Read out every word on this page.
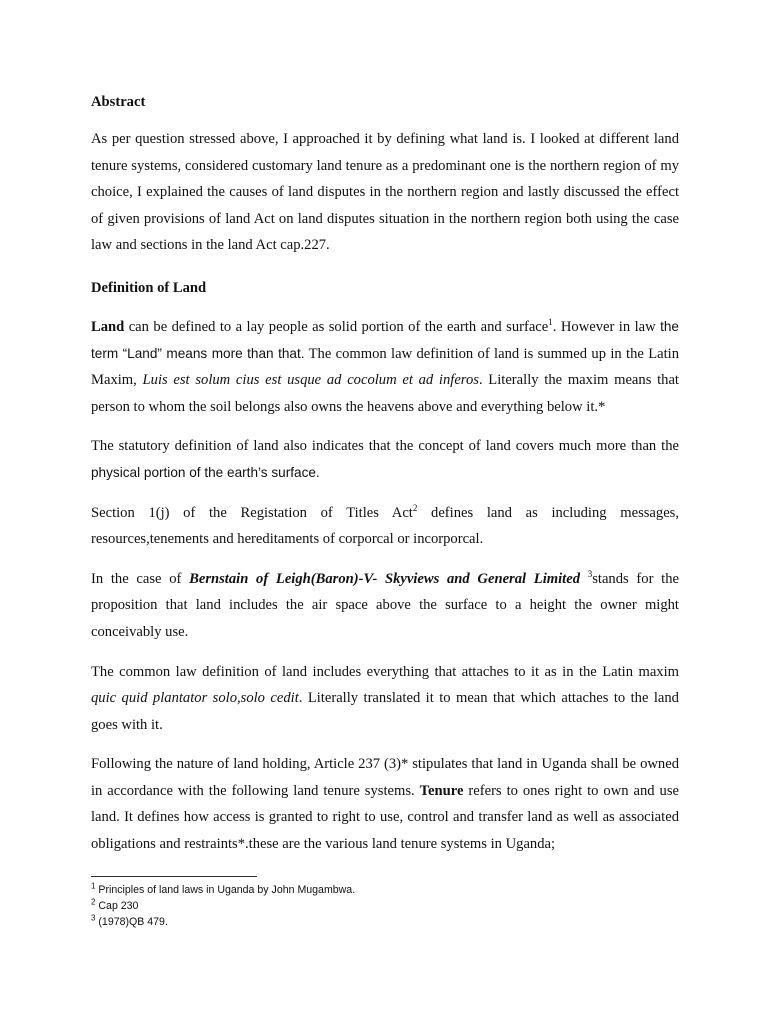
Abstract

As per question stressed above, I approached it by defining what land is. I looked at different land tenure systems, considered customary land tenure as a predominant one is the northern region of my choice, I explained the causes of land disputes in the northern region and lastly discussed the effect of given provisions of land Act on land disputes situation in the northern region both using the case law and sections in the land Act cap.227.

Definition of Land

Land can be defined to a lay people as solid portion of the earth and surface$^1$. However in law the term “Land” means more than that. The common law definition of land is summed up in the Latin Maxim, Luis est solum cius est usque ad cocolum et ad inferos. Literally the maxim means that person to whom the soil belongs also owns the heavens above and everything below it.*

The statutory definition of land also indicates that the concept of land covers much more than the physical portion of the earth’s surface.

Section 1(j) of the Registation of Titles Act$^2$ defines land as including messages, resources,tenements and hereditaments of corporcal or incorporcal.

In the case of Bernstain of Leigh(Baron)-V- Skyviews and General Limited $^3$stands for the proposition that land includes the air space above the surface to a height the owner might conceivably use.

The common law definition of land includes everything that attaches to it as in the Latin maxim quic quid plantator solo,solo cedit. Literally translated it to mean that which attaches to the land goes with it.

Following the nature of land holding, Article 237 (3)* stipulates that land in Uganda shall be owned in accordance with the following land tenure systems. Tenure refers to ones right to own and use land. It defines how access is granted to right to use, control and transfer land as well as associated obligations and restraints*.these are the various land tenure systems in Uganda;

$^1$ Principles of land laws in Uganda by John Mugambwa.
$^2$ Cap 230
$^3$ (1978)QB 479.
